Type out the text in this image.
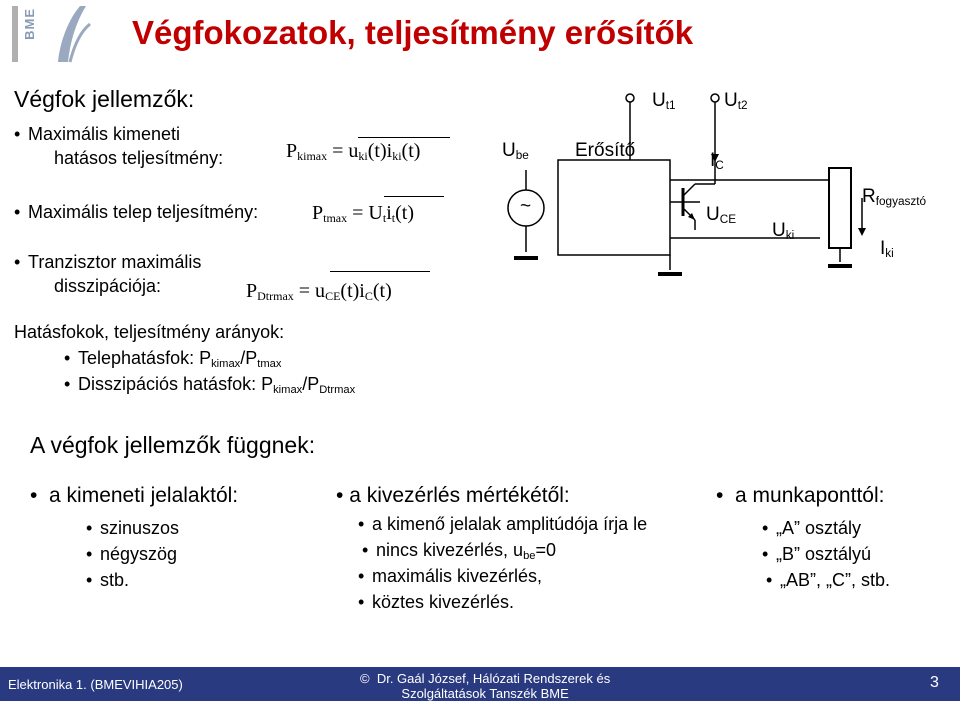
BME	Végfokozatok, teljesítmény erősítők
Végfok jellemzők:
• Maximális kimeneti
hatásos teljesítmény:
• Maximális telep teljesítmény:
• Tranzisztor maximális
disszipációja:
$P_{kimax} = u_{ki}(t)i_{ki}(t)$
$P_{tmax} = U_ti_t(t)$
$P_{Dtrmax} = u_{CE}(t)i_C(t)$
$U_{be}$ Erősítő
~
$U_{t1}$	$U_{t2}$
$I_C$
$U_{CE}$
$U_{ki}$
$R_{fogyasztó}$
$I_{ki}$
Hatásfokok, teljesítmény arányok:
• Telephatásfok: $P_{kimax}/P_{tmax}$
• Disszipációs hatásfok: $P_{kimax}/P_{Dtrmax}$
A végfok jellemzők függnek:
•  a kimeneti jelalaktól:
• szinuszos
• négyszög
• stb.
• a kivezérlés mértékétől:
• a kimenő jelalak amplitúdója írja le
• nincs kivezérlés, $u_{be}=0$
• maximális kivezérlés,
• köztes kivezérlés.
•  a munkaponttól:
• „A” osztály
• „B” osztályú
• „AB”, „C”, stb.
Elektronika 1. (BMEVIHIA205)	© Dr. Gaál József, Hálózati Rendszerek és
Szolgáltatások Tanszék BME
3
